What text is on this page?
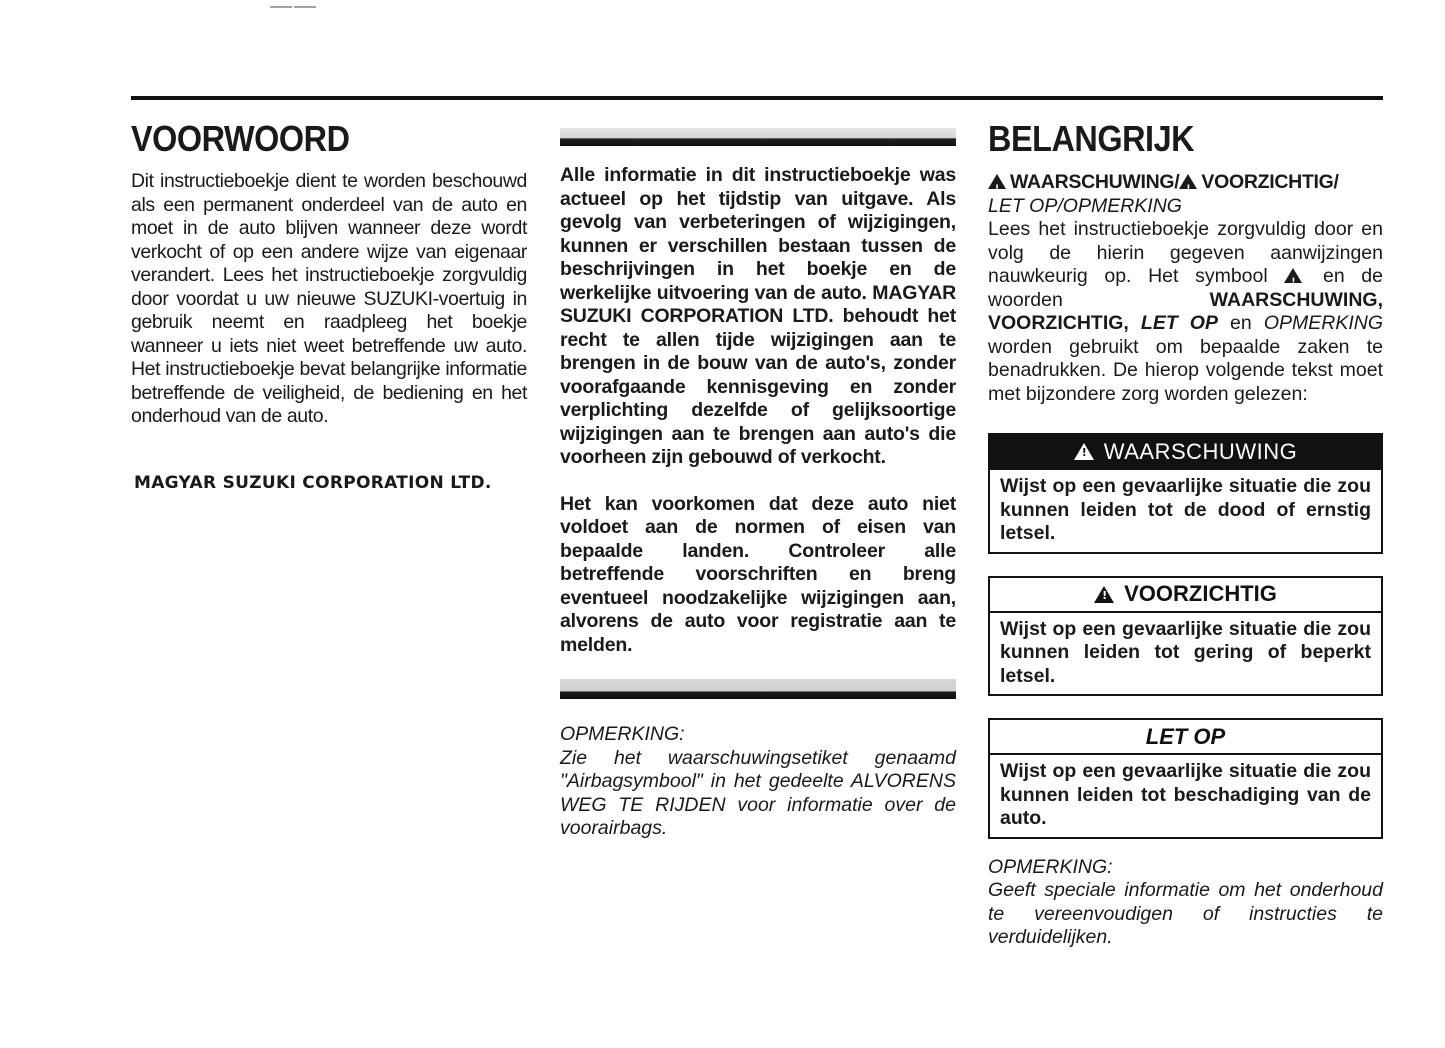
VOORWOORD

Dit instructieboekje dient te worden beschouwd als een permanent onderdeel van de auto en moet in de auto blijven wanneer deze wordt verkocht of op een andere wijze van eigenaar verandert. Lees het instructieboekje zorgvuldig door voordat u uw nieuwe SUZUKI-voertuig in gebruik neemt en raadpleeg het boekje wanneer u iets niet weet betreffende uw auto. Het instructieboekje bevat belangrijke informatie betreffende de veiligheid, de bediening en het onderhoud van de auto.

MAGYAR SUZUKI CORPORATION LTD.

Alle informatie in dit instructieboekje was actueel op het tijdstip van uitgave. Als gevolg van verbeteringen of wijzigingen, kunnen er verschillen bestaan tussen de beschrijvingen in het boekje en de werkelijke uitvoering van de auto. MAGYAR SUZUKI CORPORATION LTD. behoudt het recht te allen tijde wijzigingen aan te brengen in de bouw van de auto's, zonder voorafgaande kennisgeving en zonder verplichting dezelfde of gelijksoortige wijzigingen aan te brengen aan auto's die voorheen zijn gebouwd of verkocht.

Het kan voorkomen dat deze auto niet voldoet aan de normen of eisen van bepaalde landen. Controleer alle betreffende voorschriften en breng eventueel noodzakelijke wijzigingen aan, alvorens de auto voor registratie aan te melden.

OPMERKING:

Zie het waarschuwingsetiket genaamd "Airbagsymbool" in het gedeelte ALVORENS WEG TE RIJDEN voor informatie over de voorairbags.

BELANGRIJK
!WAARSCHUWING/ ! VOORZICHTIG/
LET OP/OPMERKING

Lees het instructieboekje zorgvuldig door en volg de hierin gegeven aanwijzingen nauwkeurig op. Het symbool !	en de woorden	WAARSCHUWING, VOORZICHTIG, LET OP en OPMERKING worden gebruikt om bepaalde zaken te benadrukken. De hierop volgende tekst moet met bijzondere zorg worden gelezen:

!
WAARSCHUWING
Wijst op een gevaarlijke situatie die zou kunnen leiden tot de dood of ernstig letsel.
!
VOORZICHTIG
Wijst op een gevaarlijke situatie die zou kunnen leiden tot gering of beperkt letsel.
LET OP
Wijst op een gevaarlijke situatie die zou kunnen leiden tot beschadiging van de auto.

OPMERKING:

Geeft speciale informatie om het onderhoud te vereenvoudigen of instructies te verduidelijken.
